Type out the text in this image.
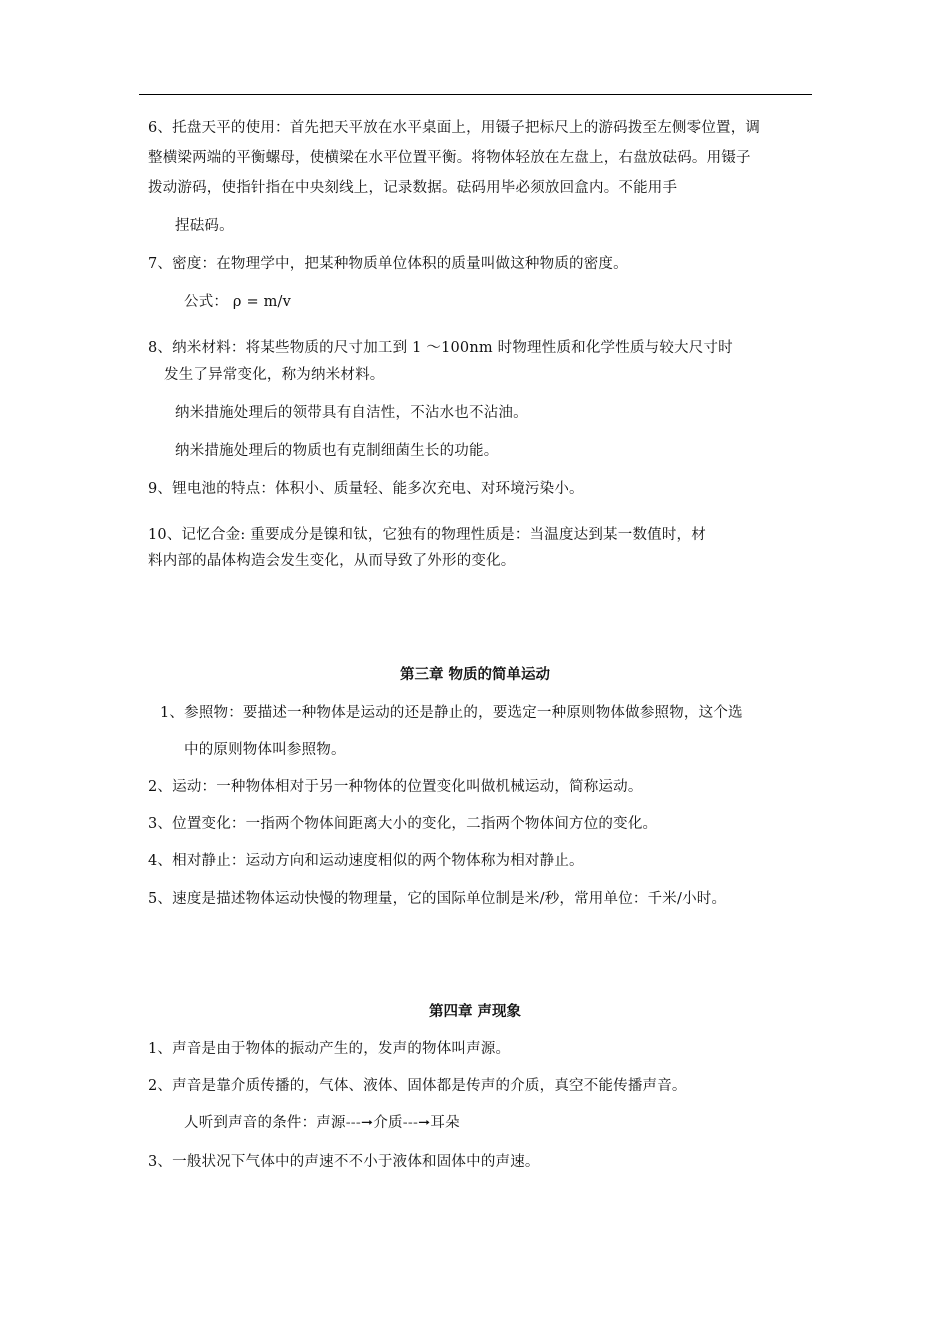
6、托盘天平的使用：首先把天平放在水平桌面上，用镊子把标尺上的游码拨至左侧零位置，调
整横梁两端的平衡螺母，使横梁在水平位置平衡。将物体轻放在左盘上，右盘放砝码。用镊子
拨动游码，使指针指在中央刻线上，记录数据。砝码用毕必须放回盒内。不能用手
捏砝码。
7、密度：在物理学中，把某种物质单位体积的质量叫做这种物质的密度。
公式： ρ = m/v
8、纳米材料：将某些物质的尺寸加工到 1 ～100nm 时物理性质和化学性质与较大尺寸时
发生了异常变化，称为纳米材料。
纳米措施处理后的领带具有自洁性，不沾水也不沾油。
纳米措施处理后的物质也有克制细菌生长的功能。
9、锂电池的特点：体积小、质量轻、能多次充电、对环境污染小。
10、记忆合金: 重要成分是镍和钛，它独有的物理性质是：当温度达到某一数值时，材
料内部的晶体构造会发生变化，从而导致了外形的变化。
第三章 物质的简单运动
1、参照物：要描述一种物体是运动的还是静止的，要选定一种原则物体做参照物，这个选
中的原则物体叫参照物。
2、运动：一种物体相对于另一种物体的位置变化叫做机械运动，简称运动。
3、位置变化：一指两个物体间距离大小的变化，二指两个物体间方位的变化。
4、相对静止：运动方向和运动速度相似的两个物体称为相对静止。
5、速度是描述物体运动快慢的物理量，它的国际单位制是米/秒，常用单位：千米/小时。
第四章 声现象
1、声音是由于物体的振动产生的，发声的物体叫声源。
2、声音是靠介质传播的，气体、液体、固体都是传声的介质，真空不能传播声音。
人听到声音的条件：声源---➞介质---➞耳朵
3、一般状况下气体中的声速不不小于液体和固体中的声速。
